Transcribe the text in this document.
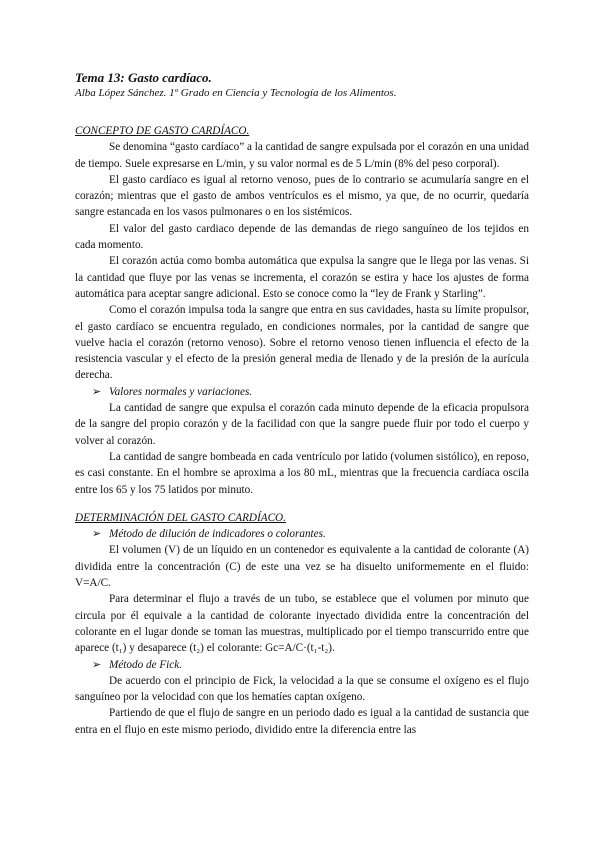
Tema 13: Gasto cardíaco.
Alba López Sánchez. 1º Grado en Ciencia y Tecnología de los Alimentos.
CONCEPTO DE GASTO CARDÍACO.

Se denomina “gasto cardíaco” a la cantidad de sangre expulsada por el corazón en una unidad de tiempo. Suele expresarse en L/min, y su valor normal es de 5 L/min (8% del peso corporal).

El gasto cardíaco es igual al retorno venoso, pues de lo contrario se acumularía sangre en el corazón; mientras que el gasto de ambos ventrículos es el mismo, ya que, de no ocurrir, quedaría sangre estancada en los vasos pulmonares o en los sistémicos.

El valor del gasto cardiaco depende de las demandas de riego sanguíneo de los tejidos en cada momento.

El corazón actúa como bomba automática que expulsa la sangre que le llega por las venas. Si la cantidad que fluye por las venas se incrementa, el corazón se estira y hace los ajustes de forma automática para aceptar sangre adicional. Esto se conoce como la “ley de Frank y Starling”.

Como el corazón impulsa toda la sangre que entra en sus cavidades, hasta su límite propulsor, el gasto cardíaco se encuentra regulado, en condiciones normales, por la cantidad de sangre que vuelve hacia el corazón (retorno venoso). Sobre el retorno venoso tienen influencia el efecto de la resistencia vascular y el efecto de la presión general media de llenado y de la presión de la aurícula derecha.

➢ Valores normales y variaciones.

La cantidad de sangre que expulsa el corazón cada minuto depende de la eficacia propulsora de la sangre del propio corazón y de la facilidad con que la sangre puede fluir por todo el cuerpo y volver al corazón.

La cantidad de sangre bombeada en cada ventrículo por latido (volumen sistólico), en reposo, es casi constante. En el hombre se aproxima a los 80 mL, mientras que la frecuencia cardíaca oscila entre los 65 y los 75 latidos por minuto.

DETERMINACIÓN DEL GASTO CARDÍACO.
➢ Método de dilución de indicadores o colorantes.

El volumen (V) de un líquido en un contenedor es equivalente a la cantidad de colorante (A) dividida entre la concentración (C) de este una vez se ha disuelto uniformemente en el fluido: V=A/C.

Para determinar el flujo a través de un tubo, se establece que el volumen por minuto que circula por él equivale a la cantidad de colorante inyectado dividida entre la concentración del colorante en el lugar donde se toman las muestras, multiplicado por el tiempo transcurrido entre que aparece (t₁) y desaparece (t₂) el colorante: Gc=A/C·(t₁-t₂).

➢ Método de Fick.

De acuerdo con el principio de Fick, la velocidad a la que se consume el oxígeno es el flujo sanguíneo por la velocidad con que los hematíes captan oxígeno.

Partiendo de que el flujo de sangre en un periodo dado es igual a la cantidad de sustancia que entra en el flujo en este mismo periodo, dividido entre la diferencia entre las
